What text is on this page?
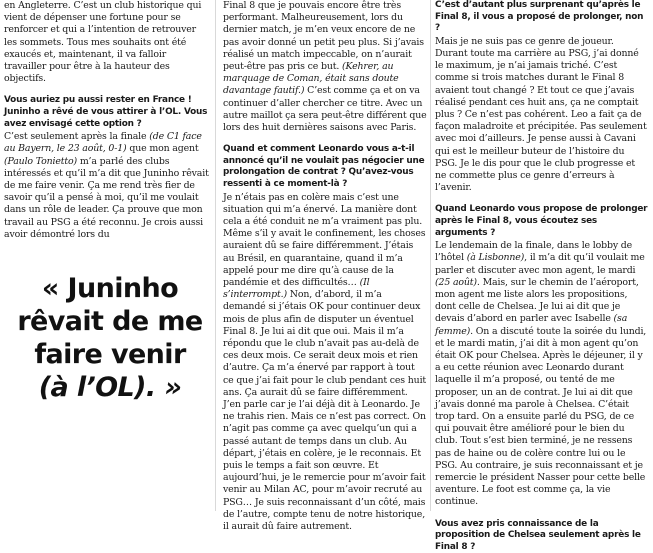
en Angleterre. C’est un club historique qui vient de dépenser une fortune pour se renforcer et qui a l’intention de retrouver les sommets. Tous mes souhaits ont été exaucés et, maintenant, il va falloir travailler pour être à la hauteur des objectifs.

Vous auriez pu aussi rester en France ! Juninho a rêvé de vous attirer à l’OL. Vous avez envisagé cette option ?

C’est seulement après la finale (de C1 face au Bayern, le 23 août, 0-1) que mon agent (Paulo Tonietto) m’a parlé des clubs intéressés et qu’il m’a dit que Juninho rêvait de me faire venir. Ça me rend très fier de savoir qu’il a pensé à moi, qu’il me voulait dans un rôle de leader. Ça prouve que mon travail au PSG a été reconnu. Je crois aussi avoir démontré lors du

« Juninho
rêvait de me
faire venir
(à l’OL). »

Final 8 que je pouvais encore être très performant. Malheureusement, lors du dernier match, je m’en veux encore de ne pas avoir donné un petit peu plus. Si j’avais réalisé un match impeccable, on n’aurait peut-être pas pris ce but. (Kehrer, au marquage de Coman, était sans doute davantage fautif.) C’est comme ça et on va continuer d’aller chercher ce titre. Avec un autre maillot ça sera peut-être différent que lors des huit dernières saisons avec Paris.

Quand et comment Leonardo vous a-t-il annoncé qu’il ne voulait pas négocier une prolongation de contrat ? Qu’avez-vous ressenti à ce moment-là ?

Je n’étais pas en colère mais c’est une situation qui m’a énervé. La manière dont cela a été conduit ne m’a vraiment pas plu. Même s’il y avait le confinement, les choses auraient dû se faire différemment. J’étais au Brésil, en quarantaine, quand il m’a appelé pour me dire qu’à cause de la pandémie et des difficultés… (Il s’interrompt.) Non, d’abord, il m’a demandé si j’étais OK pour continuer deux mois de plus afin de disputer un éventuel Final 8. Je lui ai dit que oui. Mais il m’a répondu que le club n’avait pas au-delà de ces deux mois. Ce serait deux mois et rien d’autre. Ça m’a énervé par rapport à tout ce que j’ai fait pour le club pendant ces huit ans. Ça aurait dû se faire différemment. J’en parle car je l’ai déjà dit à Leonardo. Je ne trahis rien. Mais ce n’est pas correct. On n’agit pas comme ça avec quelqu’un qui a passé autant de temps dans un club. Au départ, j’étais en colère, je le reconnais. Et puis le temps a fait son œuvre. Et aujourd’hui, je le remercie pour m’avoir fait venir au Milan AC, pour m’avoir recruté au PSG… Je suis reconnaissant d’un côté, mais de l’autre, compte tenu de notre historique, il aurait dû faire autrement.

C’est d’autant plus surprenant qu’après le Final 8, il vous a proposé de prolonger, non ?

Mais je ne suis pas ce genre de joueur. Durant toute ma carrière au PSG, j’ai donné le maximum, je n’ai jamais triché. C’est comme si trois matches durant le Final 8 avaient tout changé ? Et tout ce que j’avais réalisé pendant ces huit ans, ça ne comptait plus ? Ce n’est pas cohérent. Leo a fait ça de façon maladroite et précipitée. Pas seulement avec moi d’ailleurs. Je pense aussi à Cavani qui est le meilleur buteur de l’histoire du PSG. Je le dis pour que le club progresse et ne commette plus ce genre d’erreurs à l’avenir.

Quand Leonardo vous propose de prolonger après le Final 8, vous écoutez ses arguments ?

Le lendemain de la finale, dans le lobby de l’hôtel (à Lisbonne), il m’a dit qu’il voulait me parler et discuter avec mon agent, le mardi (25 août). Mais, sur le chemin de l’aéroport, mon agent me liste alors les propositions, dont celle de Chelsea. Je lui ai dit que je devais d’abord en parler avec Isabelle (sa femme). On a discuté toute la soirée du lundi, et le mardi matin, j’ai dit à mon agent qu’on était OK pour Chelsea. Après le déjeuner, il y a eu cette réunion avec Leonardo durant laquelle il m’a proposé, ou tenté de me proposer, un an de contrat. Je lui ai dit que j’avais donné ma parole à Chelsea. C’était trop tard. On a ensuite parlé du PSG, de ce qui pouvait être amélioré pour le bien du club. Tout s’est bien terminé, je ne ressens pas de haine ou de colère contre lui ou le PSG. Au contraire, je suis reconnaissant et je remercie le président Nasser pour cette belle aventure. Le foot est comme ça, la vie continue.

Vous avez pris connaissance de la proposition de Chelsea seulement après le Final 8 ?
